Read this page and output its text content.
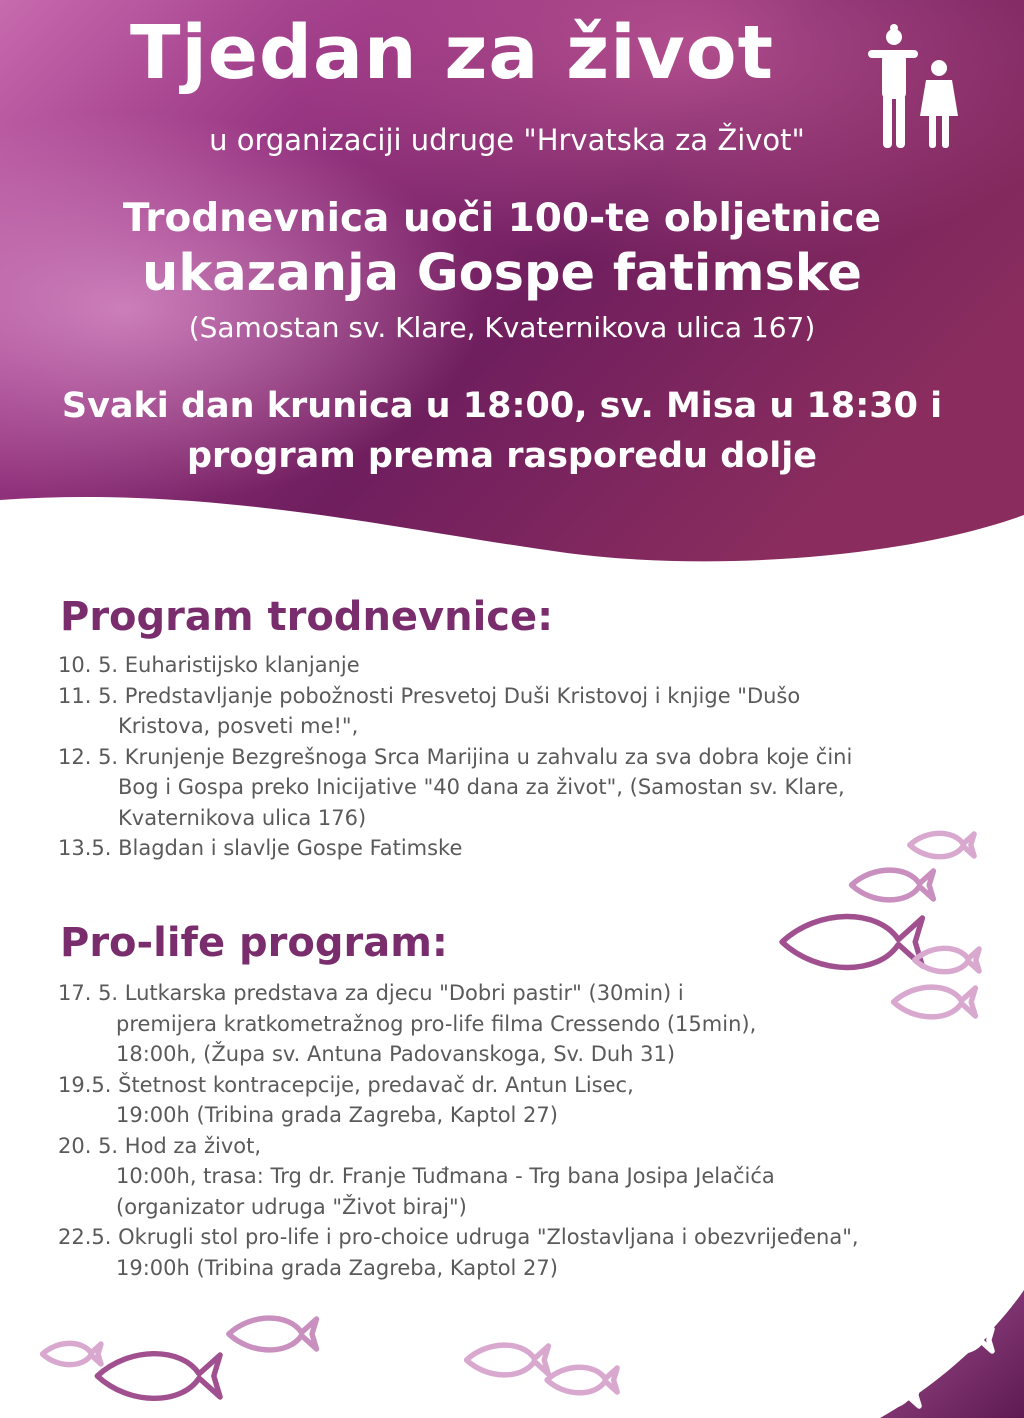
Tjedan za život
u organizaciji udruge "Hrvatska za Život"
Trodnevnica uoči 100-te obljetnice
ukazanja Gospe fatimske
(Samostan sv. Klare, Kvaternikova ulica 167)
Svaki dan krunica u 18:00, sv. Misa u 18:30 i
program prema rasporedu dolje
Program trodnevnice:
10. 5. Euharistijsko klanjanje
11. 5. Predstavljanje pobožnosti Presvetoj Duši Kristovoj i knjige "Dušo
Kristova, posveti me!",
12. 5. Krunjenje Bezgrešnoga Srca Marijina u zahvalu za sva dobra koje čini
Bog i Gospa preko Inicijative "40 dana za život", (Samostan sv. Klare,
Kvaternikova ulica 176)
13.5. Blagdan i slavlje Gospe Fatimske
Pro-life program:
17. 5. Lutkarska predstava za djecu "Dobri pastir" (30min) i
premijera kratkometražnog pro-life filma Cressendo (15min),
18:00h, (Župa sv. Antuna Padovanskoga, Sv. Duh 31)
19.5. Štetnost kontracepcije, predavač dr. Antun Lisec,
19:00h (Tribina grada Zagreba, Kaptol 27)
20. 5. Hod za život,
10:00h, trasa: Trg dr. Franje Tuđmana - Trg bana Josipa Jelačića
(organizator udruga "Život biraj")
22.5. Okrugli stol pro-life i pro-choice udruga "Zlostavljana i obezvrijeđena",
19:00h (Tribina grada Zagreba, Kaptol 27)
